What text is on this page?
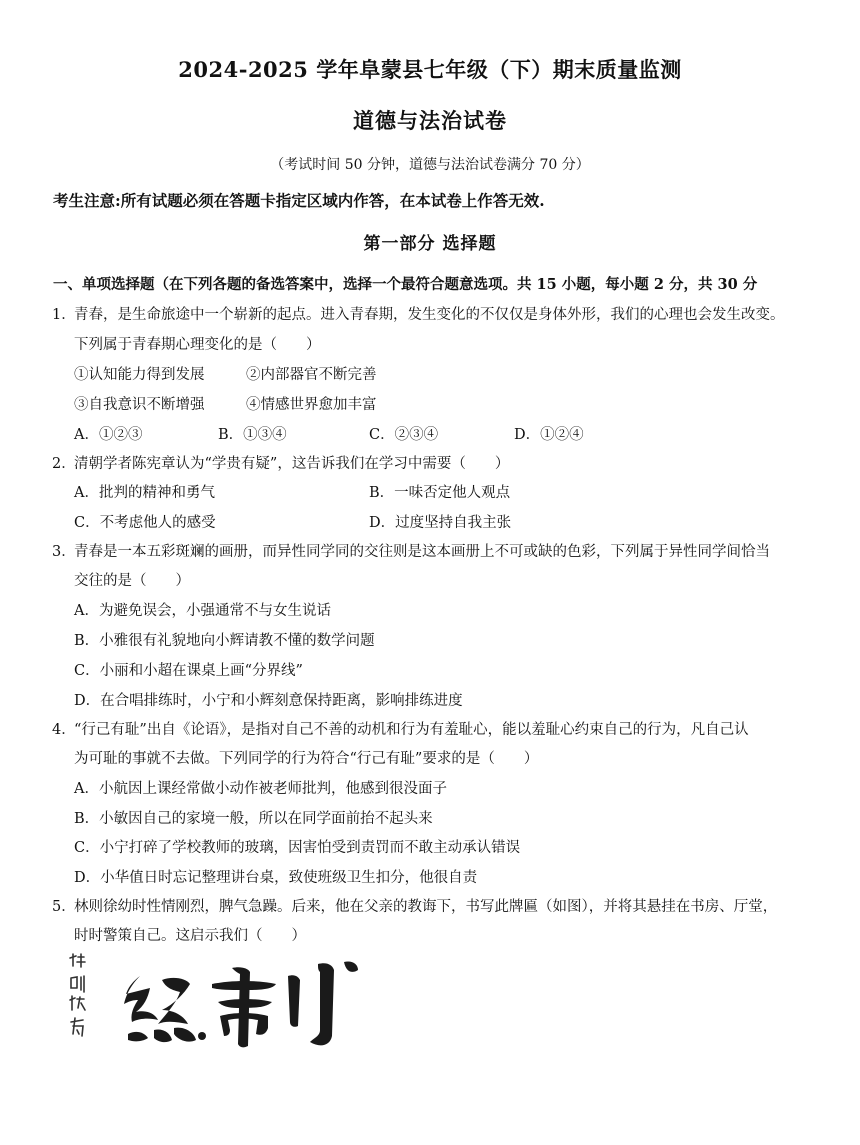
2024-2025 学年阜蒙县七年级（下）期末质量监测
道德与法治试卷
（考试时间 50 分钟，道德与法治试卷满分 70 分）
考生注意:所有试题必须在答题卡指定区域内作答，在本试卷上作答无效.
第一部分 选择题
一、单项选择题（在下列各题的备选答案中，选择一个最符合题意选项。共 15 小题，每小题 2 分，共 30 分
1．
青春，是生命旅途中一个崭新的起点。进入青春期，发生变化的不仅仅是身体外形，我们的心理也会发生改变。
下列属于青春期心理变化的是（　　）
①认知能力得到发展	②内部器官不断完善
③自我意识不断增强	④情感世界愈加丰富
A．①②③	B．①③④	C．②③④	D．①②④
2．
清朝学者陈宪章认为“学贵有疑”，这告诉我们在学习中需要（　　）
A．批判的精神和勇气	B．一味否定他人观点
C．不考虑他人的感受	D．过度坚持自我主张
3．
青春是一本五彩斑斓的画册，而异性同学同的交往则是这本画册上不可或缺的色彩，下列属于异性同学间恰当
交往的是（　　）
A．为避免误会，小强通常不与女生说话
B．小雅很有礼貌地向小辉请教不懂的数学问题
C．小丽和小超在课桌上画“分界线”
D．在合唱排练时，小宁和小辉刻意保持距离，影响排练进度
4．
“行己有耻”出自《论语》，是指对自己不善的动机和行为有羞耻心，能以羞耻心约束自己的行为，凡自己认
为可耻的事就不去做。下列同学的行为符合“行己有耻”要求的是（　　）
A．小航因上课经常做小动作被老师批判，他感到很没面子
B．小敏因自己的家境一般，所以在同学面前抬不起头来
C．小宁打碎了学校教师的玻璃，因害怕受到责罚而不敢主动承认错误
D．小华值日时忘记整理讲台桌，致使班级卫生扣分，他很自责
5．
林则徐幼时性情刚烈，脾气急躁。后来，他在父亲的教诲下，书写此牌匾（如图），并将其悬挂在书房、厅堂，
时时警策自己。这启示我们（　　）
